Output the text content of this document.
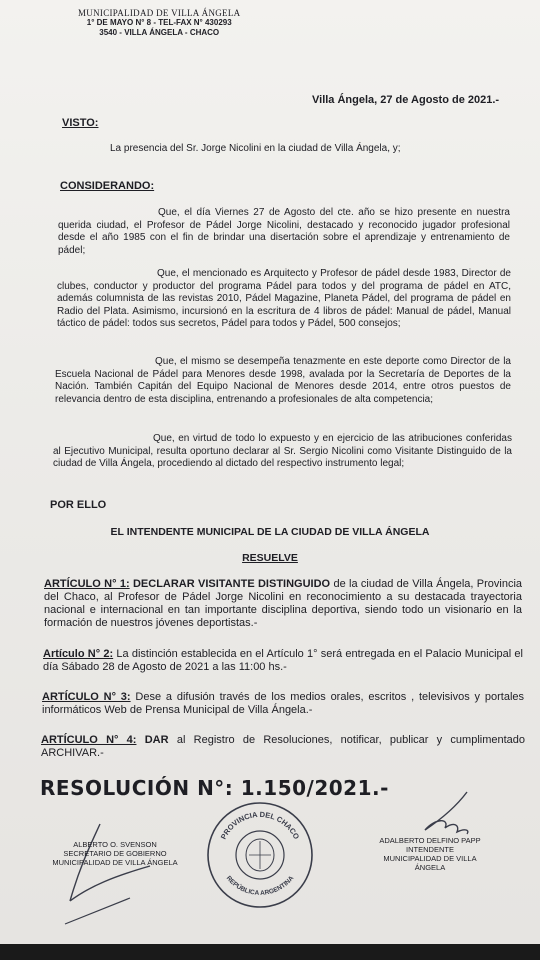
MUNICIPALIDAD DE VILLA ÁNGELA
1° DE MAYO N° 8 - TEL-FAX N° 430293
3540 - VILLA ÁNGELA - CHACO
Villa Ángela, 27 de Agosto de 2021.-
VISTO:
La presencia del Sr. Jorge Nicolini en la ciudad de Villa Ángela, y;
CONSIDERANDO:
Que, el día Viernes 27 de Agosto del cte. año se hizo presente en nuestra querida ciudad, el Profesor de Pádel Jorge Nicolini, destacado y reconocido jugador profesional desde el año 1985 con el fin de brindar una disertación sobre el aprendizaje y entrenamiento de pádel;
Que, el mencionado es Arquitecto y Profesor de pádel desde 1983, Director de clubes, conductor y productor del programa Pádel para todos y del programa de pádel en ATC, además columnista de las revistas 2010, Pádel Magazine, Planeta Pádel, del programa de pádel en Radio del Plata. Asimismo, incursionó en la escritura de 4 libros de pádel: Manual de pádel, Manual táctico de pádel: todos sus secretos, Pádel para todos y Pádel, 500 consejos;
Que, el mismo se desempeña tenazmente en este deporte como Director de la Escuela Nacional de Pádel para Menores desde 1998, avalada por la Secretaría de Deportes de la Nación. También Capitán del Equipo Nacional de Menores desde 2014, entre otros puestos de relevancia dentro de esta disciplina, entrenando a profesionales de alta competencia;
Que, en virtud de todo lo expuesto y en ejercicio de las atribuciones conferidas al Ejecutivo Municipal, resulta oportuno declarar al Sr. Sergio Nicolini como Visitante Distinguido de la ciudad de Villa Ángela, procediendo al dictado del respectivo instrumento legal;
POR ELLO
EL INTENDENTE MUNICIPAL DE LA CIUDAD DE VILLA ÁNGELA
RESUELVE
ARTÍCULO N° 1: DECLARAR VISITANTE DISTINGUIDO de la ciudad de Villa Ángela, Provincia del Chaco, al Profesor de Pádel Jorge Nicolini en reconocimiento a su destacada trayectoria nacional e internacional en tan importante disciplina deportiva, siendo todo un visionario en la formación de nuestros jóvenes deportistas.-
Artículo N° 2: La distinción establecida en el Artículo 1° será entregada en el Palacio Municipal el día Sábado 28 de Agosto de 2021 a las 11:00 hs.-
ARTÍCULO N° 3: Dese a difusión través de los medios orales, escritos , televisivos y portales informáticos Web de Prensa Municipal de Villa Ángela.-
ARTÍCULO N° 4: DAR al Registro de Resoluciones, notificar, publicar y cumplimentado ARCHIVAR.-
RESOLUCIÓN N°: 1.150/2021.-
ALBERTO O. SVENSON
SECRETARIO DE GOBIERNO
MUNICIPALIDAD DE VILLA ÁNGELA
PROVINCIA DEL CHACO
REPÚBLICA ARGENTINA
ADALBERTO DELFINO PAPP
INTENDENTE
MUNICIPALIDAD DE VILLA ÁNGELA
